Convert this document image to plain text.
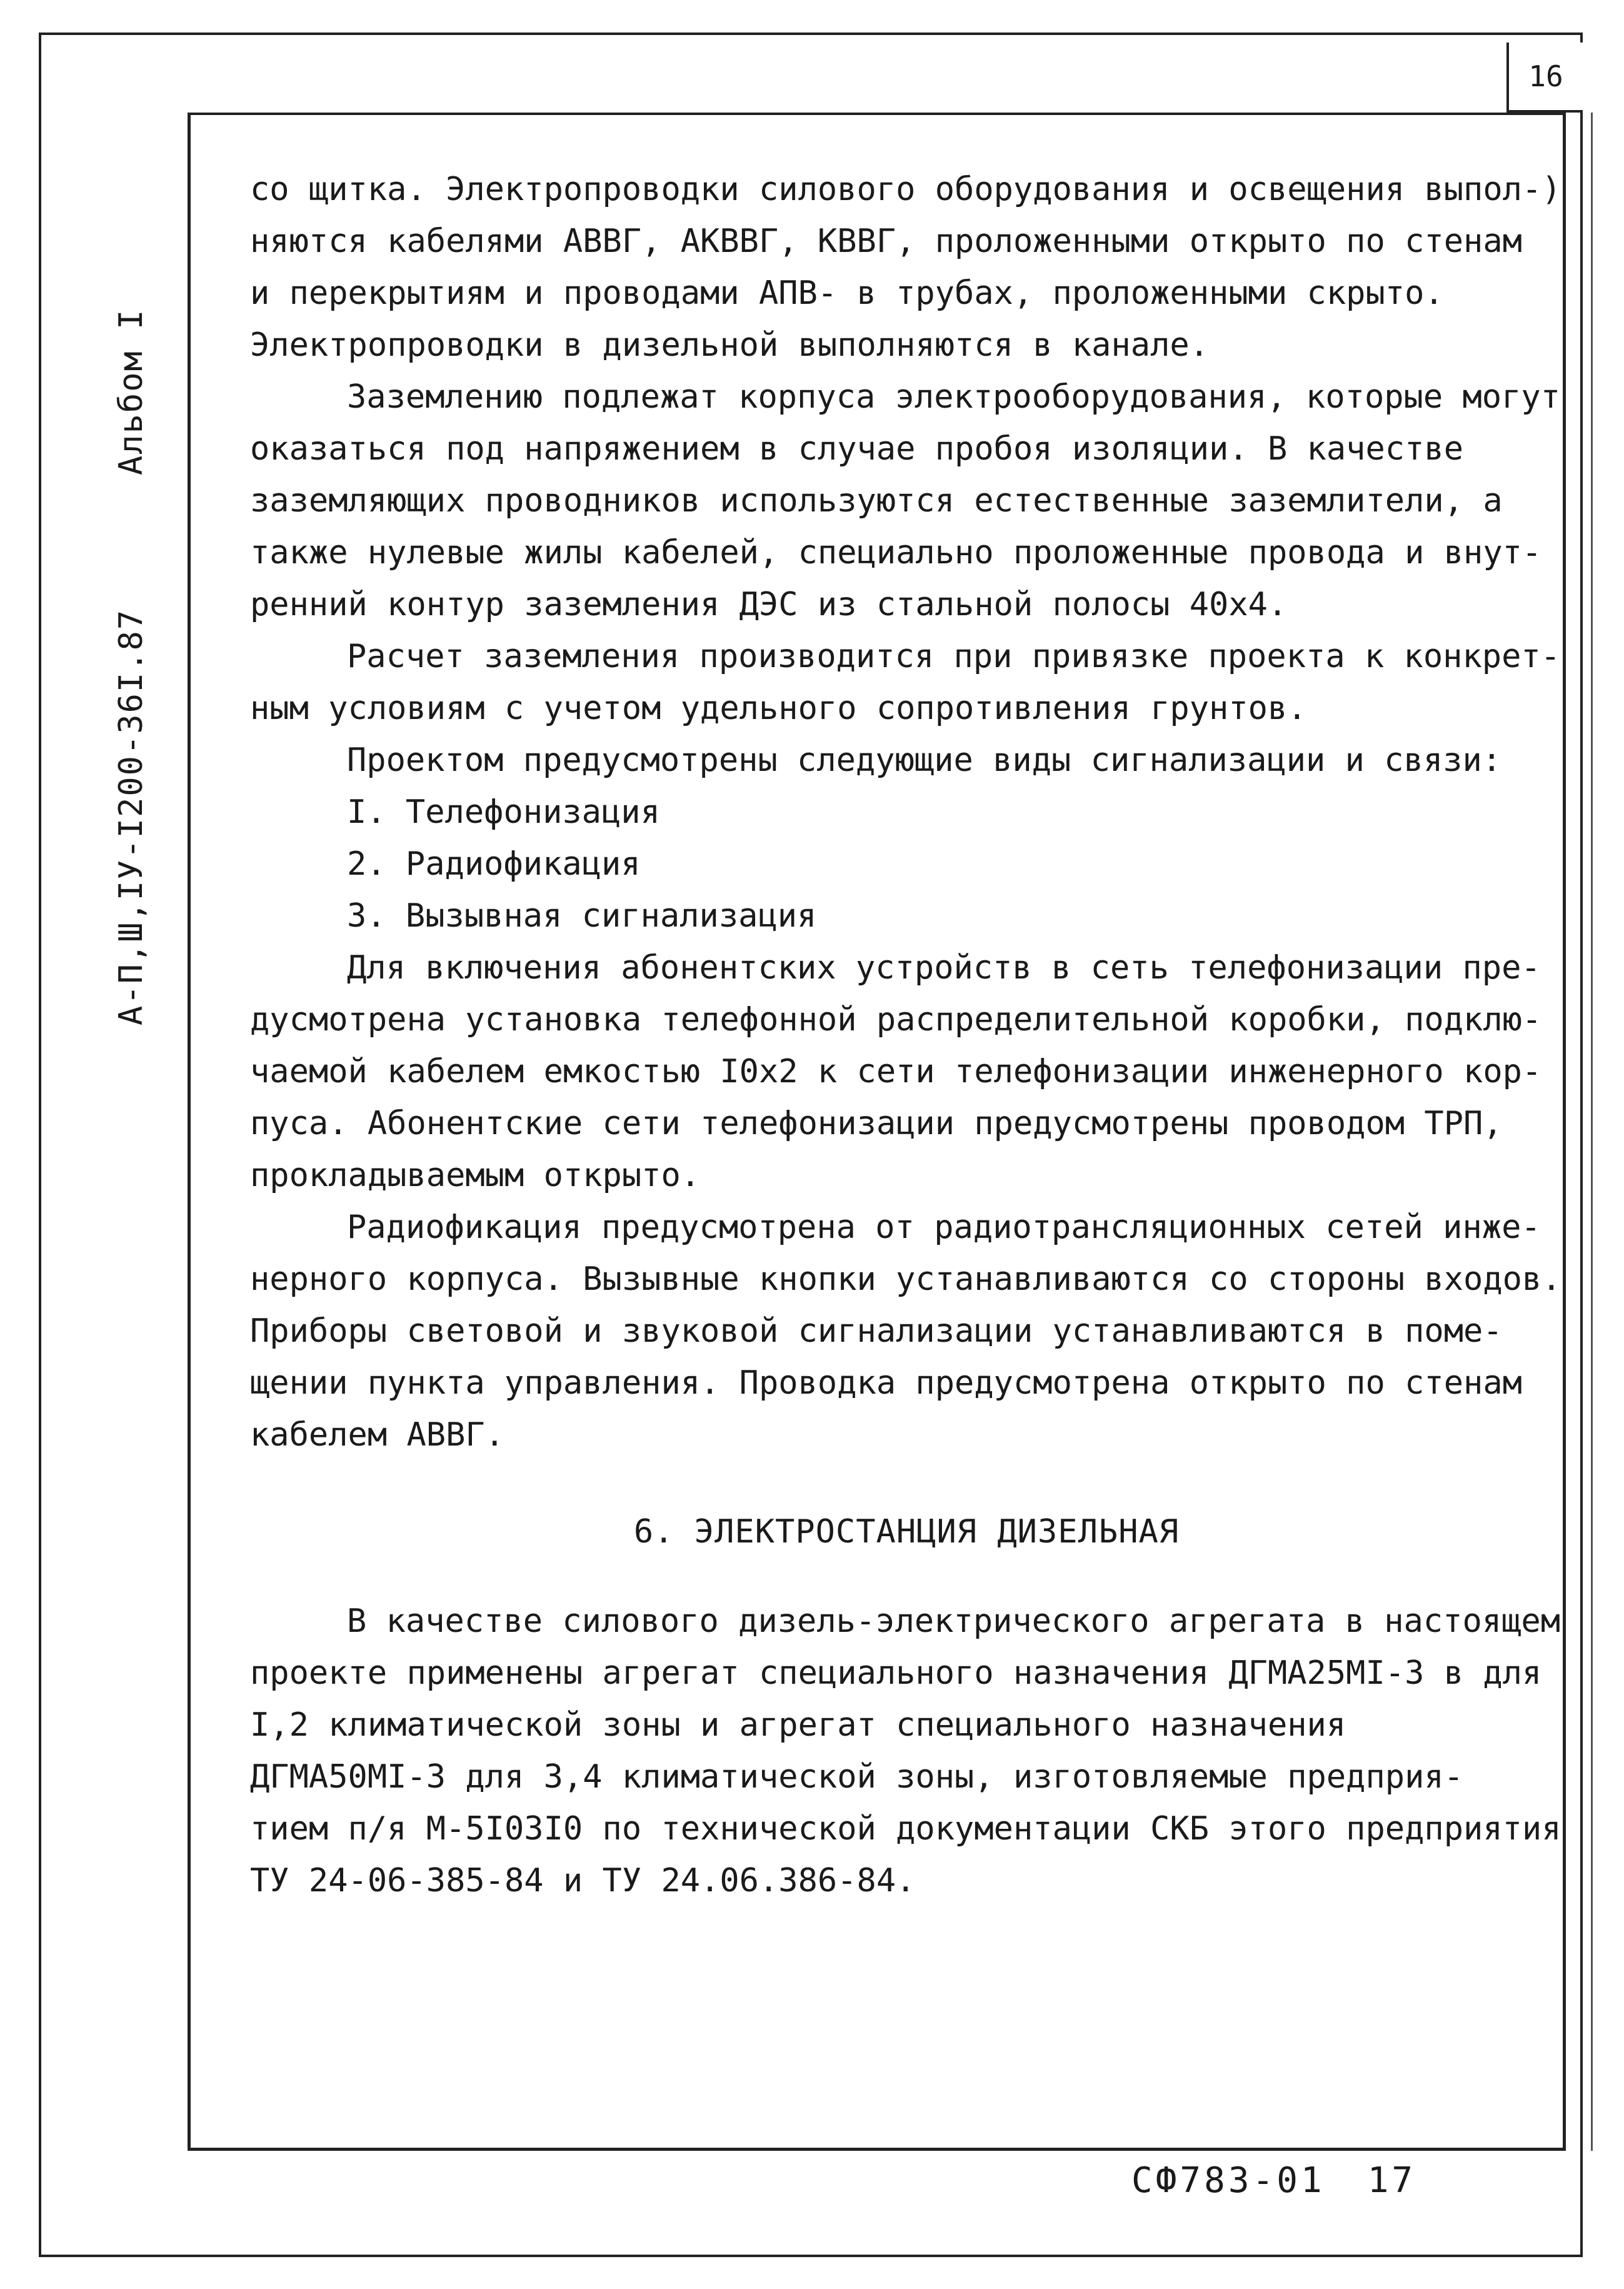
16
Альбом I
А-П,Ш,IУ-I200-36I.87
со щитка. Электропроводки силового оборудования и освещения выпол-)
няются кабелями АВВГ, АКВВГ, КВВГ, проложенными открыто по стенам
и перекрытиям и проводами АПВ- в трубах, проложенными скрыто.
Электропроводки в дизельной выполняются в канале.
Заземлению подлежат корпуса электрооборудования, которые могут
оказаться под напряжением в случае пробоя изоляции. В качестве
заземляющих проводников используются естественные заземлители, а
также нулевые жилы кабелей, специально проложенные провода и внут-
ренний контур заземления ДЭС из стальной полосы 40х4.
Расчет заземления производится при привязке проекта к конкрет-
ным условиям с учетом удельного сопротивления грунтов.
Проектом предусмотрены следующие виды сигнализации и связи:
I. Телефонизация
2. Радиофикация
3. Вызывная сигнализация
Для включения абонентских устройств в сеть телефонизации пре-
дусмотрена установка телефонной распределительной коробки, подклю-
чаемой кабелем емкостью I0х2 к сети телефонизации инженерного кор-
пуса. Абонентские сети телефонизации предусмотрены проводом ТРП,
прокладываемым открыто.
Радиофикация предусмотрена от радиотрансляционных сетей инже-
нерного корпуса. Вызывные кнопки устанавливаются со стороны входов.
Приборы световой и звуковой сигнализации устанавливаются в поме-
щении пункта управления. Проводка предусмотрена открыто по стенам
кабелем АВВГ.
6. ЭЛЕКТРОСТАНЦИЯ ДИЗЕЛЬНАЯ
В качестве силового дизель-электрического агрегата в настоящем
проекте применены агрегат специального назначения ДГМА25МI-3 в для
I,2 климатической зоны и агрегат специального назначения
ДГМА50МI-3 для 3,4 климатической зоны, изготовляемые предприя-
тием п/я М-5I03I0 по технической документации СКБ этого предприятия
ТУ 24-06-385-84 и ТУ 24.06.386-84.
СФ783-01 17
